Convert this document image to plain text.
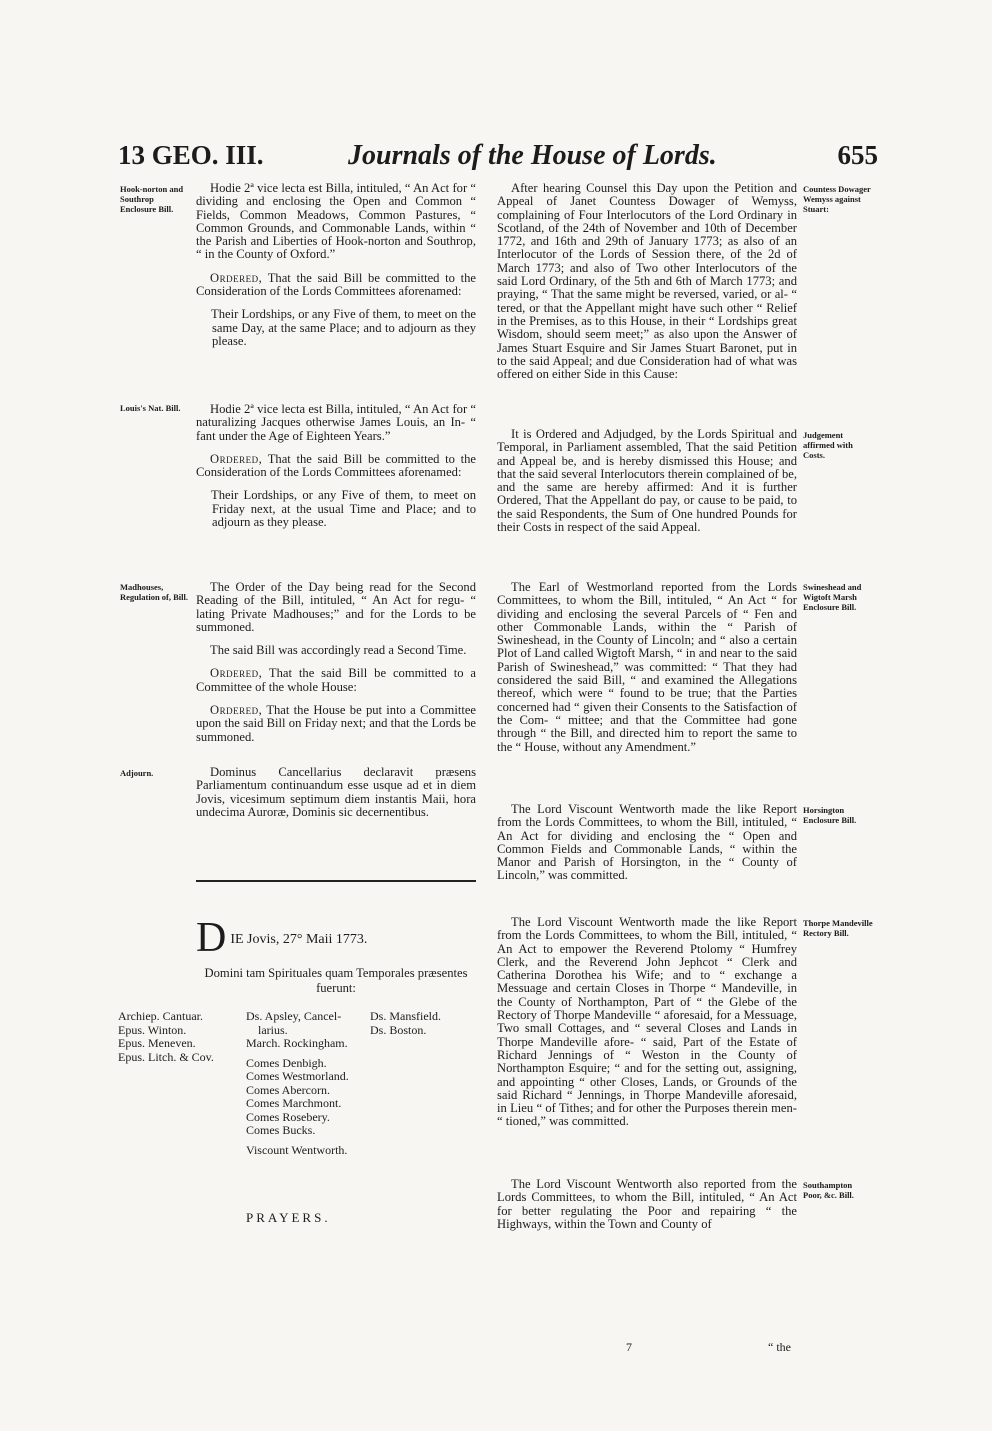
13 GEO. III.	Journals of the House of Lords.	655
Hook-norton and Southrop Enclosure Bill.

Hodie 2ª vice lecta est Billa, intituled, “ An Act for “ dividing and enclosing the Open and Common “ Fields, Common Meadows, Common Pastures, “ Common Grounds, and Commonable Lands, within “ the Parish and Liberties of Hook-norton and Southrop, “ in the County of Oxford.”

Ordered, That the said Bill be committed to the Consideration of the Lords Committees aforenamed:

Their Lordships, or any Five of them, to meet on the same Day, at the same Place; and to adjourn as they please.

Louis's Nat. Bill.	Hodie 2ª vice lecta est Billa, intituled, “ An Act for “ naturalizing Jacques otherwise James Louis, an In- “ fant under the Age of Eighteen Years.”

Ordered, That the said Bill be committed to the Consideration of the Lords Committees aforenamed:

Their Lordships, or any Five of them, to meet on Friday next, at the usual Time and Place; and to adjourn as they please.

Madhouses, Regulation of, Bill.

The Order of the Day being read for the Second Reading of the Bill, intituled, “ An Act for regu- “ lating Private Madhouses;” and for the Lords to be summoned.

The said Bill was accordingly read a Second Time.

Ordered, That the said Bill be committed to a Committee of the whole House:

Ordered, That the House be put into a Committee upon the said Bill on Friday next; and that the Lords be summoned.

Adjourn.	Dominus Cancellarius declaravit præsens Parliamentum continuandum esse usque ad et in diem Jovis, vicesimum septimum diem instantis Maii, hora undecima Auroræ, Dominis sic decernentibus.

D IE Jovis, 27° Maii 1773.
Domini tam Spirituales quam Temporales præsentes fuerunt:
Archiep. Cantuar.
Epus. Winton.
Epus. Meneven.
Epus. Litch. & Cov.
Ds. Apsley, Cancel-
larius.
March. Rockingham.
Comes Denbigh.
Comes Westmorland.
Comes Abercorn.
Comes Marchmont.
Comes Rosebery.
Comes Bucks.
Viscount Wentworth.
Ds. Mansfield.
Ds. Boston.
PRAYERS.
Countess Dowager Wemyss against Stuart:

After hearing Counsel this Day upon the Petition and Appeal of Janet Countess Dowager of Wemyss, complaining of Four Interlocutors of the Lord Ordinary in Scotland, of the 24th of November and 10th of December 1772, and 16th and 29th of January 1773; as also of an Interlocutor of the Lords of Session there, of the 2d of March 1773; and also of Two other Interlocutors of the said Lord Ordinary, of the 5th and 6th of March 1773; and praying, “ That the same might be reversed, varied, or al- “ tered, or that the Appellant might have such other “ Relief in the Premises, as to this House, in their “ Lordships great Wisdom, should seem meet;” as also upon the Answer of James Stuart Esquire and Sir James Stuart Baronet, put in to the said Appeal; and due Consideration had of what was offered on either Side in this Cause:

Judgement affirmed with Costs.

It is Ordered and Adjudged, by the Lords Spiritual and Temporal, in Parliament assembled, That the said Petition and Appeal be, and is hereby dismissed this House; and that the said several Interlocutors therein complained of be, and the same are hereby affirmed: And it is further Ordered, That the Appellant do pay, or cause to be paid, to the said Respondents, the Sum of One hundred Pounds for their Costs in respect of the said Appeal.

Swineshead and Wigtoft Marsh Enclosure Bill.

The Earl of Westmorland reported from the Lords Committees, to whom the Bill, intituled, “ An Act “ for dividing and enclosing the several Parcels of “ Fen and other Commonable Lands, within the “ Parish of Swineshead, in the County of Lincoln; and “ also a certain Plot of Land called Wigtoft Marsh, “ in and near to the said Parish of Swineshead,” was committed: “ That they had considered the said Bill, “ and examined the Allegations thereof, which were “ found to be true; that the Parties concerned had “ given their Consents to the Satisfaction of the Com- “ mittee; and that the Committee had gone through “ the Bill, and directed him to report the same to the “ House, without any Amendment.”

Horsington Enclosure Bill.

The Lord Viscount Wentworth made the like Report from the Lords Committees, to whom the Bill, intituled, “ An Act for dividing and enclosing the “ Open and Common Fields and Commonable Lands, “ within the Manor and Parish of Horsington, in the “ County of Lincoln,” was committed.

Thorpe Mandeville Rectory Bill.

The Lord Viscount Wentworth made the like Report from the Lords Committees, to whom the Bill, intituled, “ An Act to empower the Reverend Ptolomy “ Humfrey Clerk, and the Reverend John Jephcot “ Clerk and Catherina Dorothea his Wife; and to “ exchange a Messuage and certain Closes in Thorpe “ Mandeville, in the County of Northampton, Part of “ the Glebe of the Rectory of Thorpe Mandeville “ aforesaid, for a Messuage, Two small Cottages, and “ several Closes and Lands in Thorpe Mandeville afore- “ said, Part of the Estate of Richard Jennings of “ Weston in the County of Northampton Esquire; “ and for the setting out, assigning, and appointing “ other Closes, Lands, or Grounds of the said Richard “ Jennings, in Thorpe Mandeville aforesaid, in Lieu “ of Tithes; and for other the Purposes therein men- “ tioned,” was committed.

Southampton Poor, &c. Bill.

The Lord Viscount Wentworth also reported from the Lords Committees, to whom the Bill, intituled, “ An Act for better regulating the Poor and repairing “ the Highways, within the Town and County of

7	“ the
